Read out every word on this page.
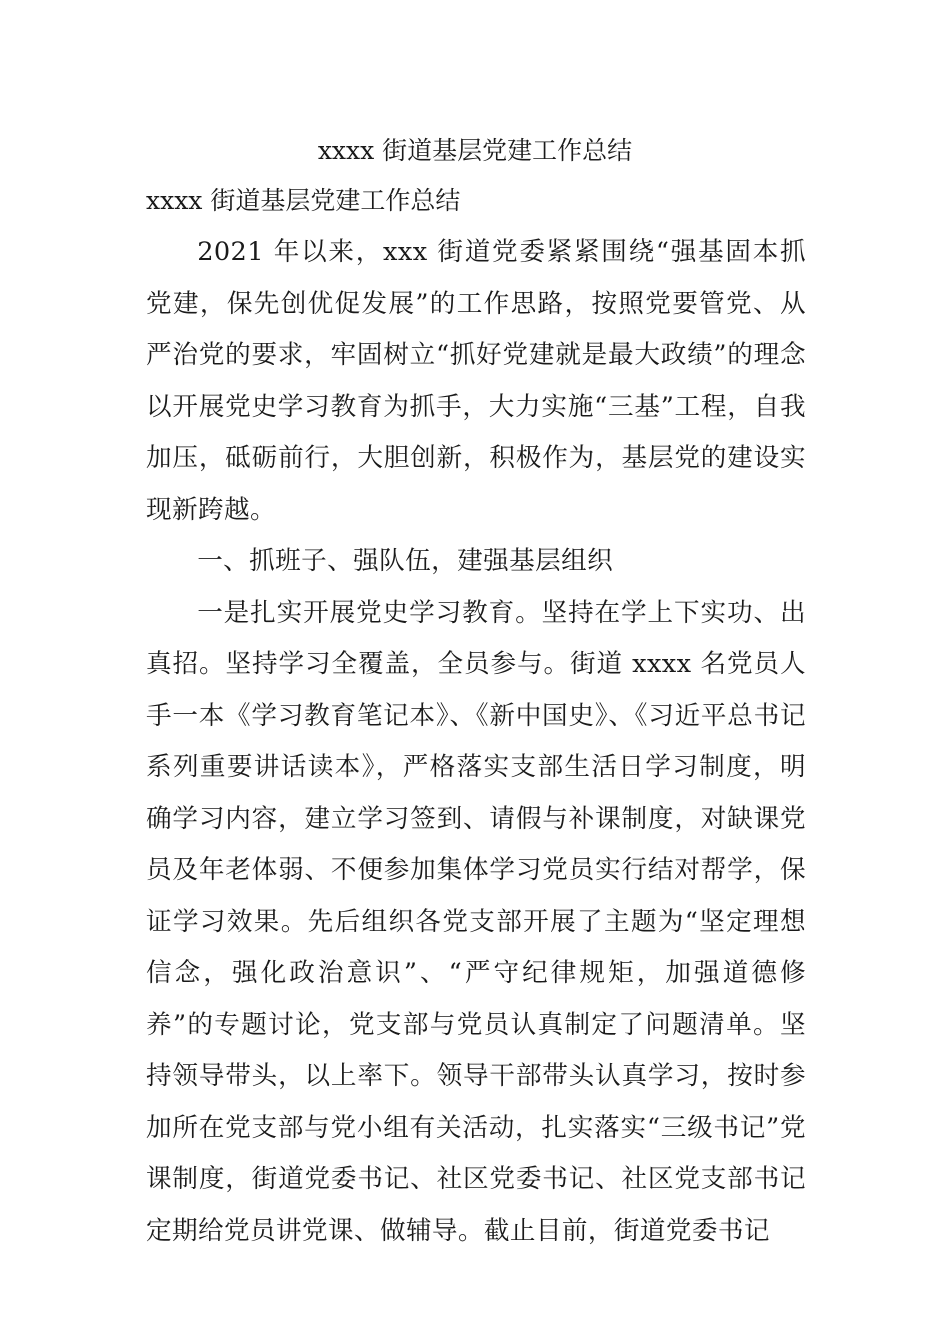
xxxx 街道基层党建工作总结
xxxx 街道基层党建工作总结

2021 年以来，xxx 街道党委紧紧围绕“强基固本抓党建，保先创优促发展”的工作思路，按照党要管党、从严治党的要求，牢固树立“抓好党建就是最大政绩”的理念以开展党史学习教育为抓手，大力实施“三基”工程，自我加压，砥砺前行，大胆创新，积极作为，基层党的建设实现新跨越。

一、抓班子、强队伍，建强基层组织

一是扎实开展党史学习教育。坚持在学上下实功、出真招。坚持学习全覆盖，全员参与。街道 xxxx 名党员人手一本《学习教育笔记本》、《新中国史》、《习近平总书记系列重要讲话读本》，严格落实支部生活日学习制度，明确学习内容，建立学习签到、请假与补课制度，对缺课党员及年老体弱、不便参加集体学习党员实行结对帮学，保证学习效果。先后组织各党支部开展了主题为“坚定理想信念，强化政治意识”、“严守纪律规矩，加强道德修养”的专题讨论，党支部与党员认真制定了问题清单。坚持领导带头，以上率下。领导干部带头认真学习，按时参加所在党支部与党小组有关活动，扎实落实“三级书记”党课制度，街道党委书记、社区党委书记、社区党支部书记定期给党员讲党课、做辅导。截止目前，街道党委书记
